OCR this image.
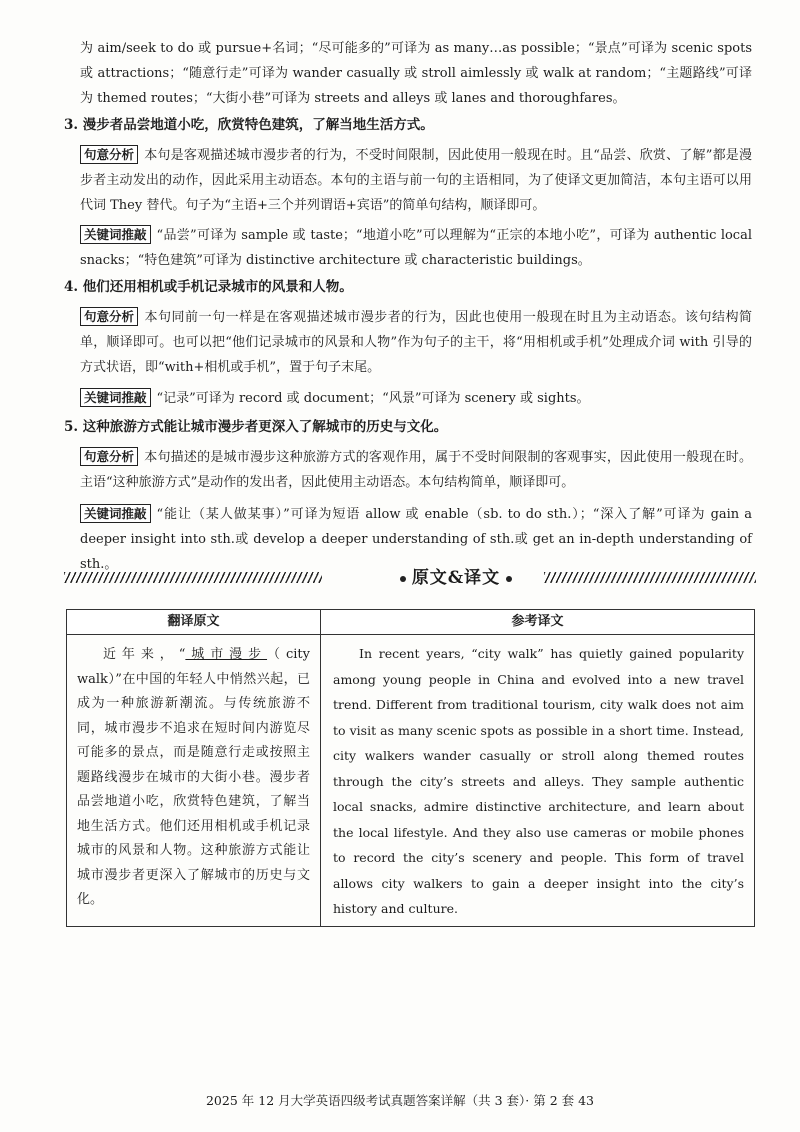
为 aim/seek to do 或 pursue+名词；“尽可能多的”可译为 as many…as possible；“景点”可译为 scenic spots 或 attractions；“随意行走”可译为 wander casually 或 stroll aimlessly 或 walk at random；“主题路线”可译为 themed routes；“大街小巷”可译为 streets and alleys 或 lanes and thoroughfares。

3. 漫步者品尝地道小吃，欣赏特色建筑，了解当地生活方式。

句意分析 本句是客观描述城市漫步者的行为，不受时间限制，因此使用一般现在时。且“品尝、欣赏、了解”都是漫步者主动发出的动作，因此采用主动语态。本句的主语与前一句的主语相同，为了使译文更加简洁，本句主语可以用代词 They 替代。句子为“主语+三个并列谓语+宾语”的简单句结构，顺译即可。

关键词推敲 “品尝”可译为 sample 或 taste；“地道小吃”可以理解为“正宗的本地小吃”，可译为 authentic local snacks；“特色建筑”可译为 distinctive architecture 或 characteristic buildings。

4. 他们还用相机或手机记录城市的风景和人物。

句意分析 本句同前一句一样是在客观描述城市漫步者的行为，因此也使用一般现在时且为主动语态。该句结构简单，顺译即可。也可以把“他们记录城市的风景和人物”作为句子的主干，将“用相机或手机”处理成介词 with 引导的方式状语，即“with+相机或手机”，置于句子末尾。

关键词推敲 “记录”可译为 record 或 document；“风景”可译为 scenery 或 sights。

5. 这种旅游方式能让城市漫步者更深入了解城市的历史与文化。

句意分析 本句描述的是城市漫步这种旅游方式的客观作用，属于不受时间限制的客观事实，因此使用一般现在时。主语“这种旅游方式”是动作的发出者，因此使用主动语态。本句结构简单，顺译即可。

关键词推敲 “能让（某人做某事）”可译为短语 allow 或 enable（sb. to do sth.）；“深入了解”可译为 gain a deeper insight into sth.或 develop a deeper understanding of sth.或 get an in-depth understanding of sth.。

原文&译文
翻译原文	参考译文
近年来，“城市漫步（city walk）”在中国的年轻人中悄然兴起，已成为一种旅游新潮流。与传统旅游不同，城市漫步不追求在短时间内游览尽可能多的景点，而是随意行走或按照主题路线漫步在城市的大街小巷。漫步者品尝地道小吃，欣赏特色建筑，了解当地生活方式。他们还用相机或手机记录城市的风景和人物。这种旅游方式能让城市漫步者更深入了解城市的历史与文化。	In recent years, “city walk” has quietly gained popularity among young people in China and evolved into a new travel trend. Different from traditional tourism, city walk does not aim to visit as many scenic spots as possible in a short time. Instead, city walkers wander casually or stroll along themed routes through the city’s streets and alleys. They sample authentic local snacks, admire distinctive architecture, and learn about the local lifestyle. And they also use cameras or mobile phones to record the city’s scenery and people. This form of travel allows city walkers to gain a deeper insight into the city’s history and culture.
2025 年 12 月大学英语四级考试真题答案详解（共 3 套）· 第 2 套 43
